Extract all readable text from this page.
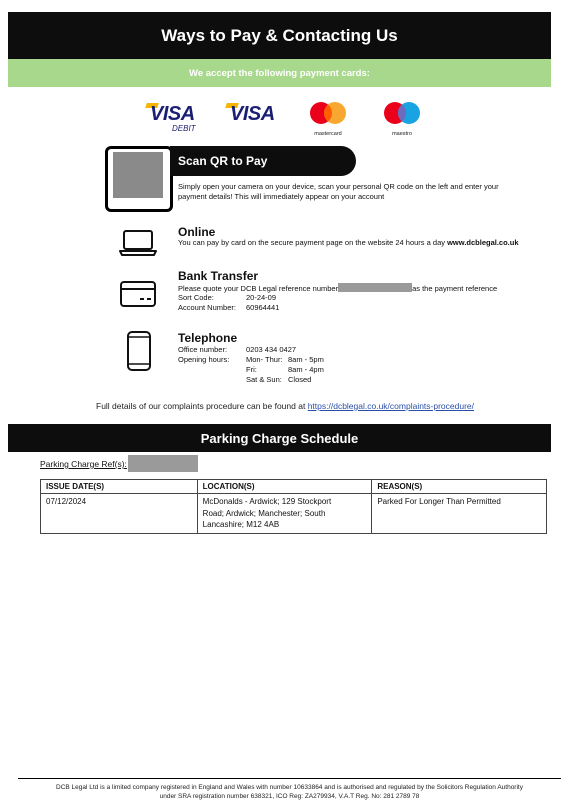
Ways to Pay & Contacting Us
We accept the following payment cards:
VISA
DEBIT
VISA
mastercard	maestro
Scan QR to Pay
Simply open your camera on your device, scan your personal QR code on the left and enter your
payment details! This will immediately appear on your account
Online
You can pay by card on the secure payment page on the website 24 hours a day www.dcblegal.co.uk
Bank Transfer
Please quote your DCB Legal reference number	as the payment reference
Sort Code:	20-24-09
Account Number: 60964441
Telephone
Office number:	0203 434 0427
Opening hours: Mon- Thur: 8am - 5pm
Fri:	8am - 4pm
Sat & Sun: Closed
Full details of our complaints procedure can be found at https://dcblegal.co.uk/complaints-procedure/
Parking Charge Schedule
Parking Charge Ref(s):
ISSUE DATE(S)	LOCATION(S)	REASON(S)
07/12/2024	McDonalds - Ardwick; 129 Stockport
Road; Ardwick; Manchester; South
Lancashire; M12 4AB	Parked For Longer Than Permitted
DCB Legal Ltd is a limited company registered in England and Wales with number 10633864 and is authorised and regulated by the Solicitors Regulation Authority
under SRA registration number 638321, ICO Reg: ZA279934, V.A.T Reg. No: 281 2789 78
